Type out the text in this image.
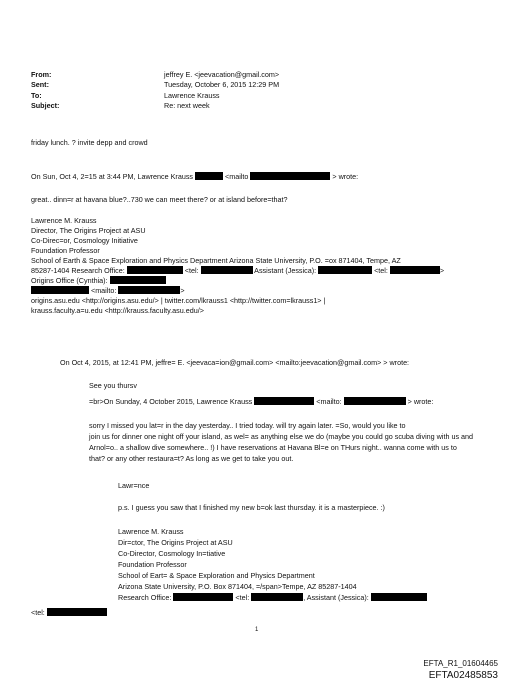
From:	jeffrey E. <jeevacation@gmail.com>
Sent:	Tuesday, October 6, 2015 12:29 PM
To:	Lawrence Krauss
Subject:	Re: next week
friday lunch. ? invite depp and crowd
On Sun, Oct 4, 2=15 at 3:44 PM, Lawrence Krauss	<mailto	> wrote:
great.. dinn=r at havana blue?..730 we can meet there? or at island before=that?
Lawrence M. Krauss
Director, The Origins Project at ASU
Co-Direc=or, Cosmology Initiative
Foundation Professor
School of Earth & Space Exploration and Physics Department Arizona State University, P.O. =ox 871404, Tempe, AZ
85287-1404 Research Office:	<tel:	Assistant (Jessica):	<tel:	>
Origins Office (Cynthia):
<mailto:	>
origins.asu.edu <http://origins.asu.edu/> | twitter.com/lkrauss1 <http://twitter.com=lkrauss1> |
krauss.faculty.a=u.edu <http://krauss.faculty.asu.edu/>
On Oct 4, 2015, at 12:41 PM, jeffre= E. <jeevaca=ion@gmail.com> <mailto:jeevacation@gmail.com> > wrote:
See you thursv
=br>On Sunday, 4 October 2015, Lawrence Krauss	<mailto:	> wrote:
sorry I missed you lat=r in the day yesterday.. I tried today. will try again later. =So, would you like to
join us for dinner one night off your island, as wel= as anything else we do (maybe you could go scuba diving with us and
Arnol=o.. a shallow dive somewhere.. !) I have reservations at Havana Bl=e on THurs night.. wanna come with us to
that? or any other restaura=t? As long as we get to take you out.
Lawr=nce
p.s. I guess you saw that I finished my new b=ok last thursday. it is a masterpiece. :)
Lawrence M. Krauss
Dir=ctor, The Origins Project at ASU
Co-Director, Cosmology In=tiative
Foundation Professor
School of Eart= & Space Exploration and Physics Department
Arizona State University, P.O. Box 871404, =/span>Tempe, AZ 85287-1404
Research Office:	<tel:	, Assistant (Jessica):
<tel:
1
EFTA_R1_01604465
EFTA02485853
